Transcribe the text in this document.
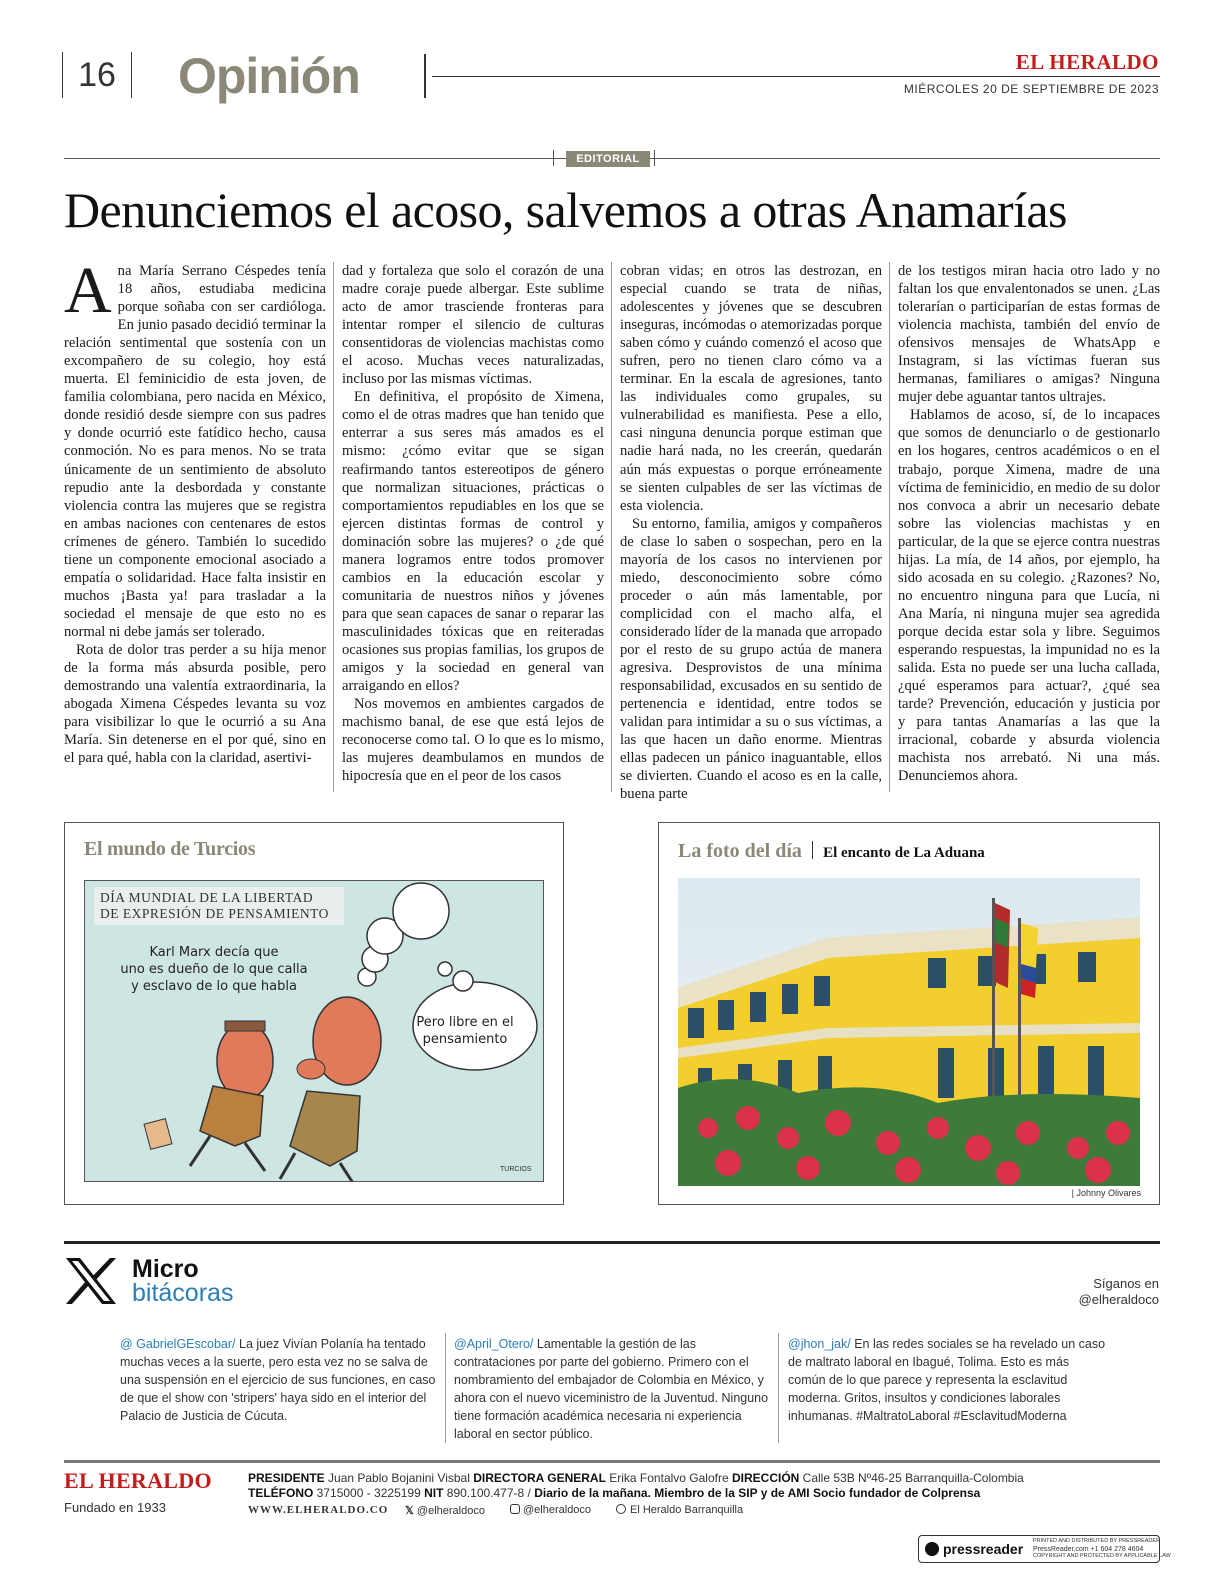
16	Opinión	EL HERALDO
MIÉRCOLES 20 DE SEPTIEMBRE DE 2023
EDITORIAL
Denunciemos el acoso, salvemos a otras Anamarías

Ana María Serrano Céspedes tenía 18 años, estudiaba medicina porque soñaba con ser cardióloga. En junio pasado decidió terminar la relación sentimental que sostenía con un excompañero de su colegio, hoy está muerta. El feminicidio de esta joven, de familia colombiana, pero nacida en México, donde residió desde siempre con sus padres y donde ocurrió este fatídico hecho, causa conmoción. No es para menos. No se trata únicamente de un sentimiento de absoluto repudio ante la desbordada y constante violencia contra las mujeres que se registra en ambas naciones con centenares de estos crímenes de género. También lo sucedido tiene un componente emocional asociado a empatía o solidaridad. Hace falta insistir en muchos ¡Basta ya! para trasladar a la sociedad el mensaje de que esto no es normal ni debe jamás ser tolerado.

Rota de dolor tras perder a su hija menor de la forma más absurda posible, pero demostrando una valentía extraordinaria, la abogada Ximena Céspedes levanta su voz para visibilizar lo que le ocurrió a su Ana María. Sin detenerse en el por qué, sino en el para qué, habla con la claridad, asertivi-

dad y fortaleza que solo el corazón de una madre coraje puede albergar. Este sublime acto de amor trasciende fronteras para intentar romper el silencio de culturas consentidoras de violencias machistas como el acoso. Muchas veces naturalizadas, incluso por las mismas víctimas.

En definitiva, el propósito de Ximena, como el de otras madres que han tenido que enterrar a sus seres más amados es el mismo: ¿cómo evitar que se sigan reafirmando tantos estereotipos de género que normalizan situaciones, prácticas o comportamientos repudiables en los que se ejercen distintas formas de control y dominación sobre las mujeres? o ¿de qué manera logramos entre todos promover cambios en la educación escolar y comunitaria de nuestros niños y jóvenes para que sean capaces de sanar o reparar las masculinidades tóxicas que en reiteradas ocasiones sus propias familias, los grupos de amigos y la sociedad en general van arraigando en ellos?

Nos movemos en ambientes cargados de machismo banal, de ese que está lejos de reconocerse como tal. O lo que es lo mismo, las mujeres deambulamos en mundos de hipocresía que en el peor de los casos

cobran vidas; en otros las destrozan, en especial cuando se trata de niñas, adolescentes y jóvenes que se descubren inseguras, incómodas o atemorizadas porque saben cómo y cuándo comenzó el acoso que sufren, pero no tienen claro cómo va a terminar. En la escala de agresiones, tanto las individuales como grupales, su vulnerabilidad es manifiesta. Pese a ello, casi ninguna denuncia porque estiman que nadie hará nada, no les creerán, quedarán aún más expuestas o porque erróneamente se sienten culpables de ser las víctimas de esta violencia.

Su entorno, familia, amigos y compañeros de clase lo saben o sospechan, pero en la mayoría de los casos no intervienen por miedo, desconocimiento sobre cómo proceder o aún más lamentable, por complicidad con el macho alfa, el considerado líder de la manada que arropado por el resto de su grupo actúa de manera agresiva. Desprovistos de una mínima responsabilidad, excusados en su sentido de pertenencia e identidad, entre todos se validan para intimidar a su o sus víctimas, a las que hacen un daño enorme. Mientras ellas padecen un pánico inaguantable, ellos se divierten. Cuando el acoso es en la calle, buena parte

de los testigos miran hacia otro lado y no faltan los que envalentonados se unen. ¿Las tolerarían o participarían de estas formas de violencia machista, también del envío de ofensivos mensajes de WhatsApp e Instagram, si las víctimas fueran sus hermanas, familiares o amigas? Ninguna mujer debe aguantar tantos ultrajes.

Hablamos de acoso, sí, de lo incapaces que somos de denunciarlo o de gestionarlo en los hogares, centros académicos o en el trabajo, porque Ximena, madre de una víctima de feminicidio, en medio de su dolor nos convoca a abrir un necesario debate sobre las violencias machistas y en particular, de la que se ejerce contra nuestras hijas. La mía, de 14 años, por ejemplo, ha sido acosada en su colegio. ¿Razones? No, no encuentro ninguna para que Lucía, ni Ana María, ni ninguna mujer sea agredida porque decida estar sola y libre. Seguimos esperando respuestas, la impunidad no es la salida. Esta no puede ser una lucha callada, ¿qué esperamos para actuar?, ¿qué sea tarde? Prevención, educación y justicia por y para tantas Anamarías a las que la irracional, cobarde y absurda violencia machista nos arrebató. Ni una más. Denunciemos ahora.

El mundo de Turcios
DÍA MUNDIAL DE LA LIBERTAD
DE EXPRESIÓN DE PENSAMIENTO
Karl Marx decía que
uno es dueño de lo que calla
y esclavo de lo que habla
Pero libre en el
pensamiento
TURCIOS
La foto del día El encanto de La Aduana
| Johnny Olivares
Micro
bitácoras	Síganos en
@elheraldoco
@ GabrielGEscobar/ La juez Vivían Polanía ha tentado muchas veces a la suerte, pero esta vez no se salva de una suspensión en el ejercicio de sus funciones, en caso de que el show con 'stripers' haya sido en el interior del Palacio de Justicia de Cúcuta.
@April_Otero/ Lamentable la gestión de las contrataciones por parte del gobierno. Primero con el nombramiento del embajador de Colombia en México, y ahora con el nuevo viceministro de la Juventud. Ninguno tiene formación académica necesaria ni experiencia laboral en sector público.
@jhon_jak/ En las redes sociales se ha revelado un caso de maltrato laboral en Ibagué, Tolima. Esto es más común de lo que parece y representa la esclavitud moderna. Gritos, insultos y condiciones laborales inhumanas. #MaltratoLaboral #EsclavitudModerna
EL HERALDO
Fundado en 1933
PRESIDENTE Juan Pablo Bojanini Visbal DIRECTORA GENERAL Erika Fontalvo Galofre DIRECCIÓN Calle 53B Nº46-25 Barranquilla-Colombia
TELÉFONO 3715000 - 3225199 NIT 890.100.477-8 / Diario de la mañana. Miembro de la SIP y de AMI Socio fundador de Colprensa
WWW.ELHERALDO.CO 𝕏 @elheraldoco	@elheraldoco	El Heraldo Barranquilla
pressreader PRINTED AND DISTRIBUTED BY PRESSREADER
PressReader.com +1 604 278 4604
COPYRIGHT AND PROTECTED BY APPLICABLE LAW
